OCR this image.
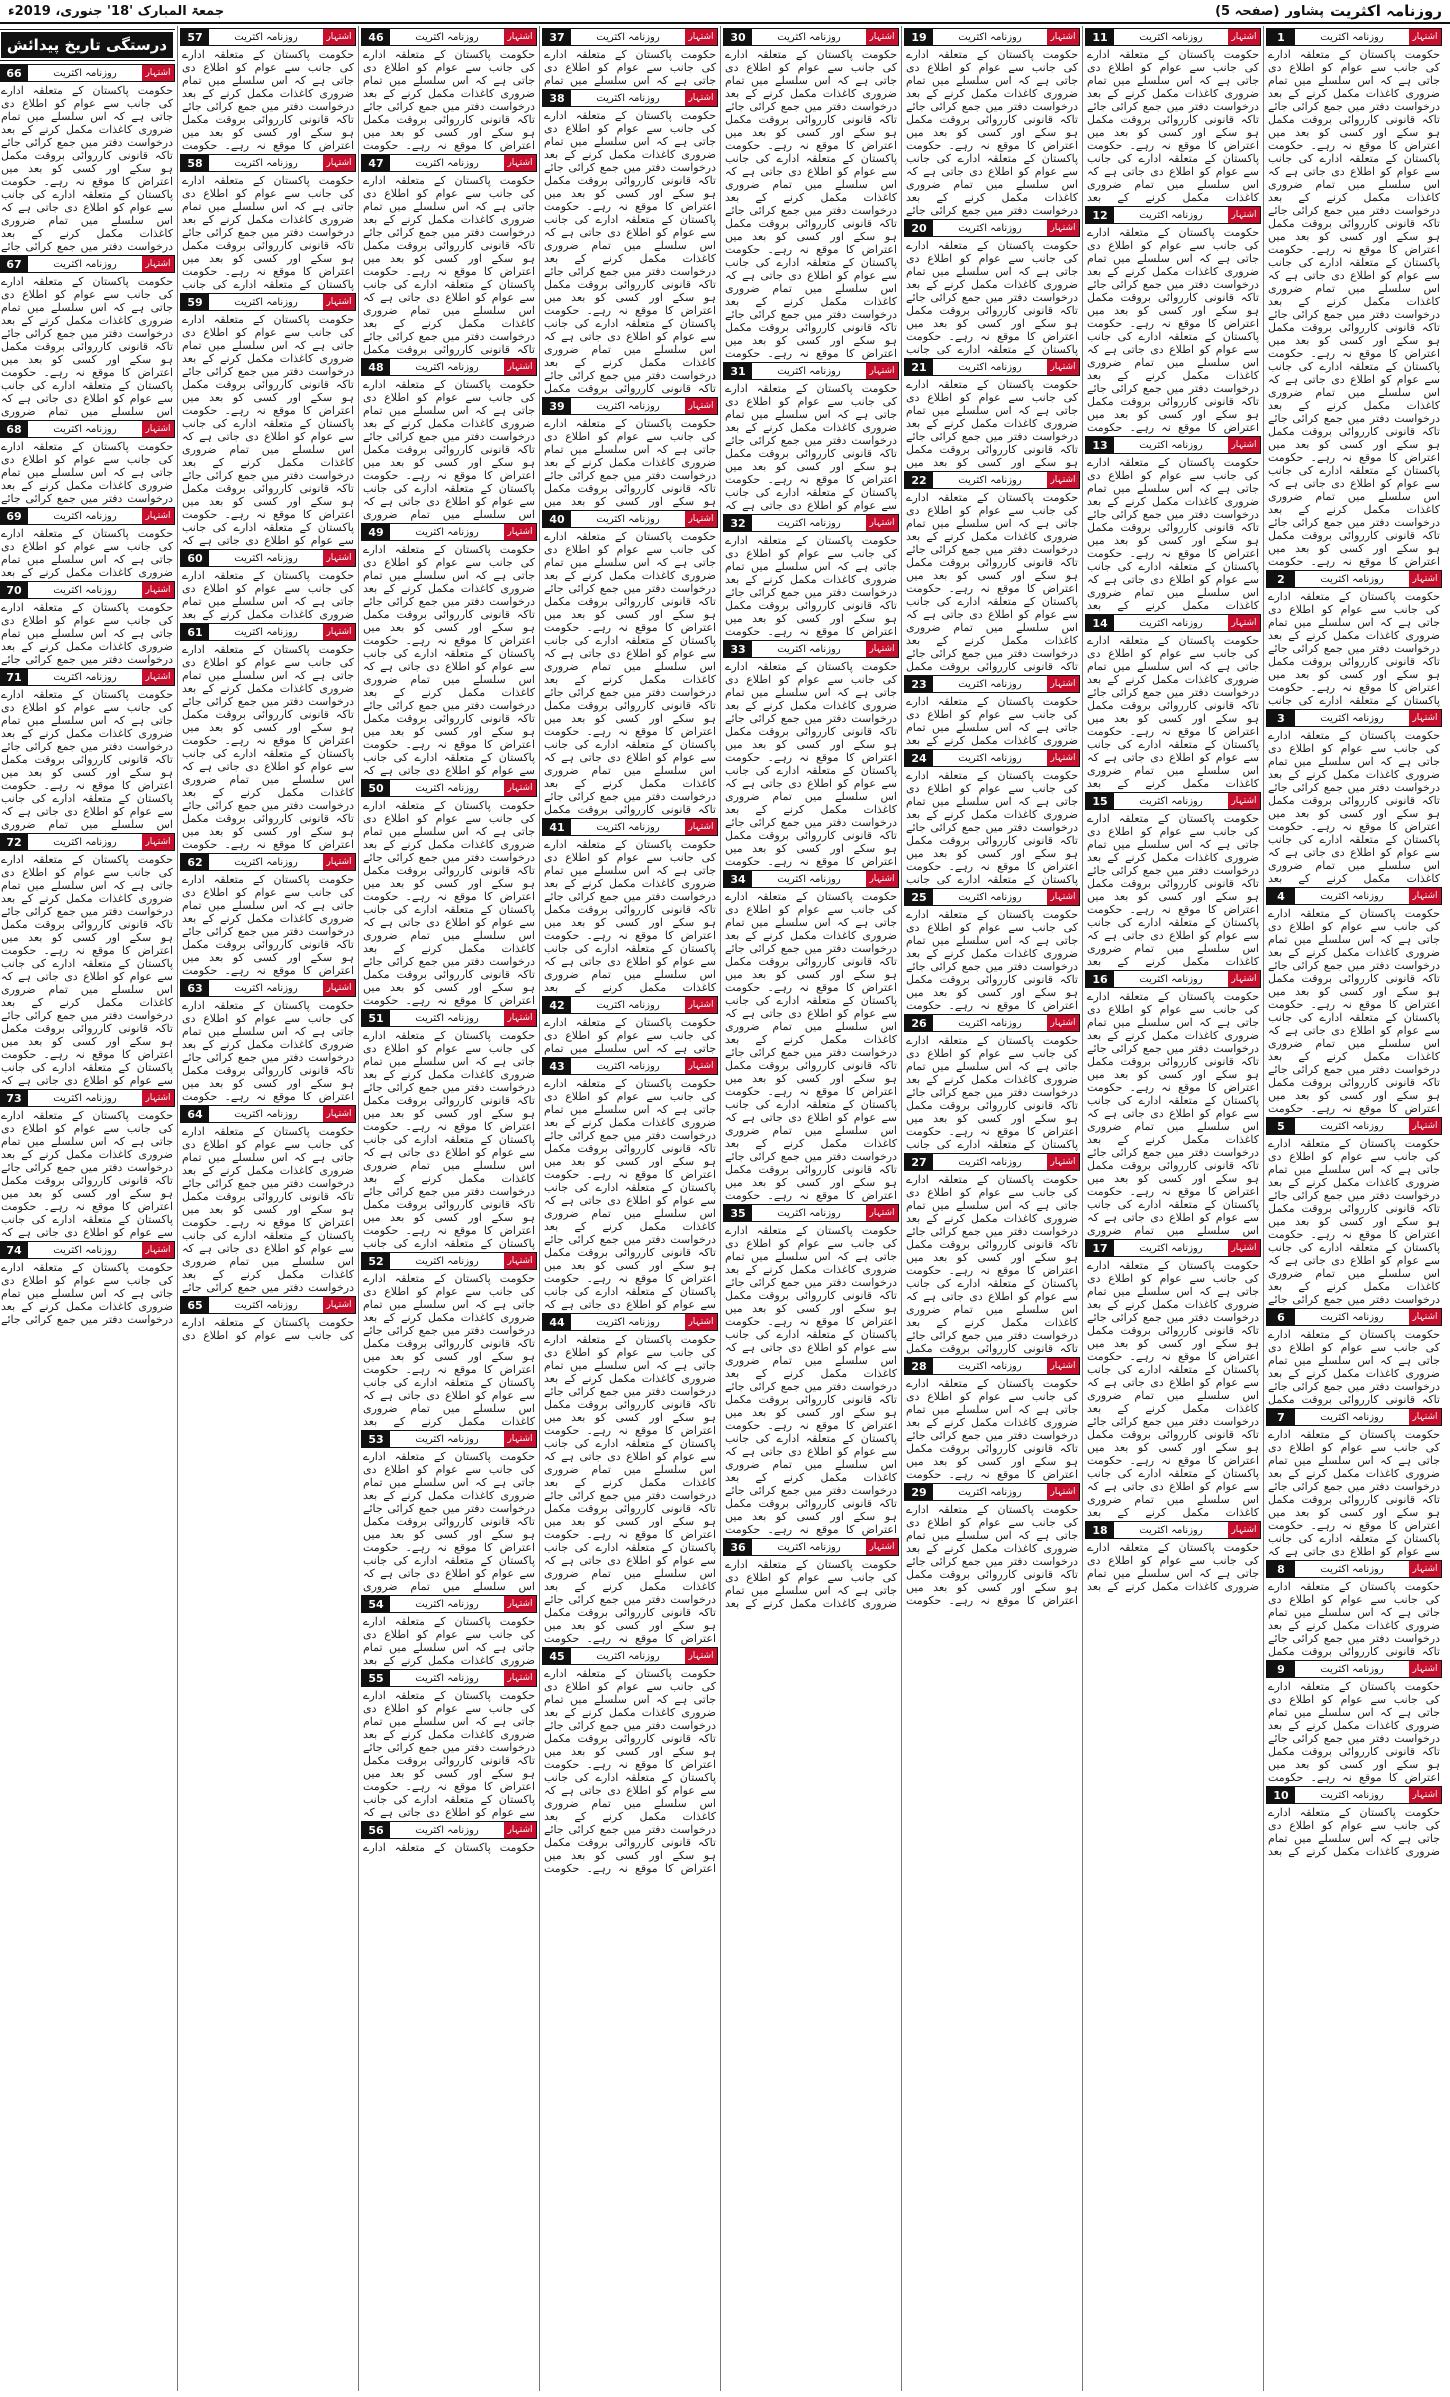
جمعۃ المبارک '18' جنوری، 2019ء	روزنامہ اکثریت
پشاور
(صفحہ 5)
1	روزنامہ اکثریت	اشتہار
حکومت پاکستان کے متعلقہ ادارے کی جانب سے عوام کو اطلاع دی جاتی ہے کہ اس سلسلے میں تمام ضروری کاغذات مکمل کرنے کے بعد درخواست دفتر میں جمع کرائی جائے تاکہ قانونی کارروائی بروقت مکمل ہو سکے اور کسی کو بعد میں اعتراض کا موقع نہ رہے۔ حکومت پاکستان کے متعلقہ ادارے کی جانب سے عوام کو اطلاع دی جاتی ہے کہ اس سلسلے میں تمام ضروری کاغذات مکمل کرنے کے بعد درخواست دفتر میں جمع کرائی جائے تاکہ قانونی کارروائی بروقت مکمل ہو سکے اور کسی کو بعد میں اعتراض کا موقع نہ رہے۔ حکومت پاکستان کے متعلقہ ادارے کی جانب سے عوام کو اطلاع دی جاتی ہے کہ اس سلسلے میں تمام ضروری کاغذات مکمل کرنے کے بعد درخواست دفتر میں جمع کرائی جائے تاکہ قانونی کارروائی بروقت مکمل ہو سکے اور کسی کو بعد میں اعتراض کا موقع نہ رہے۔ حکومت پاکستان کے متعلقہ ادارے کی جانب سے عوام کو اطلاع دی جاتی ہے کہ اس سلسلے میں تمام ضروری کاغذات مکمل کرنے کے بعد درخواست دفتر میں جمع کرائی جائے تاکہ قانونی کارروائی بروقت مکمل ہو سکے اور کسی کو بعد میں اعتراض کا موقع نہ رہے۔ حکومت پاکستان کے متعلقہ ادارے کی جانب سے عوام کو اطلاع دی جاتی ہے کہ اس سلسلے میں تمام ضروری کاغذات مکمل کرنے کے بعد درخواست دفتر میں جمع کرائی جائے تاکہ قانونی کارروائی بروقت مکمل ہو سکے اور کسی کو بعد میں اعتراض کا موقع نہ رہے۔ حکومت
2	روزنامہ اکثریت	اشتہار
حکومت پاکستان کے متعلقہ ادارے کی جانب سے عوام کو اطلاع دی جاتی ہے کہ اس سلسلے میں تمام ضروری کاغذات مکمل کرنے کے بعد درخواست دفتر میں جمع کرائی جائے تاکہ قانونی کارروائی بروقت مکمل ہو سکے اور کسی کو بعد میں اعتراض کا موقع نہ رہے۔ حکومت پاکستان کے متعلقہ ادارے کی جانب
3	روزنامہ اکثریت	اشتہار
حکومت پاکستان کے متعلقہ ادارے کی جانب سے عوام کو اطلاع دی جاتی ہے کہ اس سلسلے میں تمام ضروری کاغذات مکمل کرنے کے بعد درخواست دفتر میں جمع کرائی جائے تاکہ قانونی کارروائی بروقت مکمل ہو سکے اور کسی کو بعد میں اعتراض کا موقع نہ رہے۔ حکومت پاکستان کے متعلقہ ادارے کی جانب سے عوام کو اطلاع دی جاتی ہے کہ اس سلسلے میں تمام ضروری کاغذات مکمل کرنے کے بعد
4	روزنامہ اکثریت	اشتہار
حکومت پاکستان کے متعلقہ ادارے کی جانب سے عوام کو اطلاع دی جاتی ہے کہ اس سلسلے میں تمام ضروری کاغذات مکمل کرنے کے بعد درخواست دفتر میں جمع کرائی جائے تاکہ قانونی کارروائی بروقت مکمل ہو سکے اور کسی کو بعد میں اعتراض کا موقع نہ رہے۔ حکومت پاکستان کے متعلقہ ادارے کی جانب سے عوام کو اطلاع دی جاتی ہے کہ اس سلسلے میں تمام ضروری کاغذات مکمل کرنے کے بعد درخواست دفتر میں جمع کرائی جائے تاکہ قانونی کارروائی بروقت مکمل ہو سکے اور کسی کو بعد میں اعتراض کا موقع نہ رہے۔ حکومت
5	روزنامہ اکثریت	اشتہار
حکومت پاکستان کے متعلقہ ادارے کی جانب سے عوام کو اطلاع دی جاتی ہے کہ اس سلسلے میں تمام ضروری کاغذات مکمل کرنے کے بعد درخواست دفتر میں جمع کرائی جائے تاکہ قانونی کارروائی بروقت مکمل ہو سکے اور کسی کو بعد میں اعتراض کا موقع نہ رہے۔ حکومت پاکستان کے متعلقہ ادارے کی جانب سے عوام کو اطلاع دی جاتی ہے کہ اس سلسلے میں تمام ضروری کاغذات مکمل کرنے کے بعد درخواست دفتر میں جمع کرائی جائے
6	روزنامہ اکثریت	اشتہار
حکومت پاکستان کے متعلقہ ادارے کی جانب سے عوام کو اطلاع دی جاتی ہے کہ اس سلسلے میں تمام ضروری کاغذات مکمل کرنے کے بعد درخواست دفتر میں جمع کرائی جائے تاکہ قانونی کارروائی بروقت مکمل
7	روزنامہ اکثریت	اشتہار
حکومت پاکستان کے متعلقہ ادارے کی جانب سے عوام کو اطلاع دی جاتی ہے کہ اس سلسلے میں تمام ضروری کاغذات مکمل کرنے کے بعد درخواست دفتر میں جمع کرائی جائے تاکہ قانونی کارروائی بروقت مکمل ہو سکے اور کسی کو بعد میں اعتراض کا موقع نہ رہے۔ حکومت پاکستان کے متعلقہ ادارے کی جانب سے عوام کو اطلاع دی جاتی ہے کہ
8	روزنامہ اکثریت	اشتہار
حکومت پاکستان کے متعلقہ ادارے کی جانب سے عوام کو اطلاع دی جاتی ہے کہ اس سلسلے میں تمام ضروری کاغذات مکمل کرنے کے بعد درخواست دفتر میں جمع کرائی جائے تاکہ قانونی کارروائی بروقت مکمل
9	روزنامہ اکثریت	اشتہار
حکومت پاکستان کے متعلقہ ادارے کی جانب سے عوام کو اطلاع دی جاتی ہے کہ اس سلسلے میں تمام ضروری کاغذات مکمل کرنے کے بعد درخواست دفتر میں جمع کرائی جائے تاکہ قانونی کارروائی بروقت مکمل ہو سکے اور کسی کو بعد میں اعتراض کا موقع نہ رہے۔ حکومت
10	روزنامہ اکثریت	اشتہار
حکومت پاکستان کے متعلقہ ادارے کی جانب سے عوام کو اطلاع دی جاتی ہے کہ اس سلسلے میں تمام ضروری کاغذات مکمل کرنے کے بعد
11	روزنامہ اکثریت	اشتہار
حکومت پاکستان کے متعلقہ ادارے کی جانب سے عوام کو اطلاع دی جاتی ہے کہ اس سلسلے میں تمام ضروری کاغذات مکمل کرنے کے بعد درخواست دفتر میں جمع کرائی جائے تاکہ قانونی کارروائی بروقت مکمل ہو سکے اور کسی کو بعد میں اعتراض کا موقع نہ رہے۔ حکومت پاکستان کے متعلقہ ادارے کی جانب سے عوام کو اطلاع دی جاتی ہے کہ اس سلسلے میں تمام ضروری کاغذات مکمل کرنے کے بعد
12	روزنامہ اکثریت	اشتہار
حکومت پاکستان کے متعلقہ ادارے کی جانب سے عوام کو اطلاع دی جاتی ہے کہ اس سلسلے میں تمام ضروری کاغذات مکمل کرنے کے بعد درخواست دفتر میں جمع کرائی جائے تاکہ قانونی کارروائی بروقت مکمل ہو سکے اور کسی کو بعد میں اعتراض کا موقع نہ رہے۔ حکومت پاکستان کے متعلقہ ادارے کی جانب سے عوام کو اطلاع دی جاتی ہے کہ اس سلسلے میں تمام ضروری کاغذات مکمل کرنے کے بعد درخواست دفتر میں جمع کرائی جائے تاکہ قانونی کارروائی بروقت مکمل ہو سکے اور کسی کو بعد میں اعتراض کا موقع نہ رہے۔ حکومت
13	روزنامہ اکثریت	اشتہار
حکومت پاکستان کے متعلقہ ادارے کی جانب سے عوام کو اطلاع دی جاتی ہے کہ اس سلسلے میں تمام ضروری کاغذات مکمل کرنے کے بعد درخواست دفتر میں جمع کرائی جائے تاکہ قانونی کارروائی بروقت مکمل ہو سکے اور کسی کو بعد میں اعتراض کا موقع نہ رہے۔ حکومت پاکستان کے متعلقہ ادارے کی جانب سے عوام کو اطلاع دی جاتی ہے کہ اس سلسلے میں تمام ضروری کاغذات مکمل کرنے کے بعد
14	روزنامہ اکثریت	اشتہار
حکومت پاکستان کے متعلقہ ادارے کی جانب سے عوام کو اطلاع دی جاتی ہے کہ اس سلسلے میں تمام ضروری کاغذات مکمل کرنے کے بعد درخواست دفتر میں جمع کرائی جائے تاکہ قانونی کارروائی بروقت مکمل ہو سکے اور کسی کو بعد میں اعتراض کا موقع نہ رہے۔ حکومت پاکستان کے متعلقہ ادارے کی جانب سے عوام کو اطلاع دی جاتی ہے کہ اس سلسلے میں تمام ضروری کاغذات مکمل کرنے کے بعد
15	روزنامہ اکثریت	اشتہار
حکومت پاکستان کے متعلقہ ادارے کی جانب سے عوام کو اطلاع دی جاتی ہے کہ اس سلسلے میں تمام ضروری کاغذات مکمل کرنے کے بعد درخواست دفتر میں جمع کرائی جائے تاکہ قانونی کارروائی بروقت مکمل ہو سکے اور کسی کو بعد میں اعتراض کا موقع نہ رہے۔ حکومت پاکستان کے متعلقہ ادارے کی جانب سے عوام کو اطلاع دی جاتی ہے کہ اس سلسلے میں تمام ضروری کاغذات مکمل کرنے کے بعد
16	روزنامہ اکثریت	اشتہار
حکومت پاکستان کے متعلقہ ادارے کی جانب سے عوام کو اطلاع دی جاتی ہے کہ اس سلسلے میں تمام ضروری کاغذات مکمل کرنے کے بعد درخواست دفتر میں جمع کرائی جائے تاکہ قانونی کارروائی بروقت مکمل ہو سکے اور کسی کو بعد میں اعتراض کا موقع نہ رہے۔ حکومت پاکستان کے متعلقہ ادارے کی جانب سے عوام کو اطلاع دی جاتی ہے کہ اس سلسلے میں تمام ضروری کاغذات مکمل کرنے کے بعد درخواست دفتر میں جمع کرائی جائے تاکہ قانونی کارروائی بروقت مکمل ہو سکے اور کسی کو بعد میں اعتراض کا موقع نہ رہے۔ حکومت پاکستان کے متعلقہ ادارے کی جانب سے عوام کو اطلاع دی جاتی ہے کہ اس سلسلے میں تمام ضروری
17	روزنامہ اکثریت	اشتہار
حکومت پاکستان کے متعلقہ ادارے کی جانب سے عوام کو اطلاع دی جاتی ہے کہ اس سلسلے میں تمام ضروری کاغذات مکمل کرنے کے بعد درخواست دفتر میں جمع کرائی جائے تاکہ قانونی کارروائی بروقت مکمل ہو سکے اور کسی کو بعد میں اعتراض کا موقع نہ رہے۔ حکومت پاکستان کے متعلقہ ادارے کی جانب سے عوام کو اطلاع دی جاتی ہے کہ اس سلسلے میں تمام ضروری کاغذات مکمل کرنے کے بعد درخواست دفتر میں جمع کرائی جائے تاکہ قانونی کارروائی بروقت مکمل ہو سکے اور کسی کو بعد میں اعتراض کا موقع نہ رہے۔ حکومت پاکستان کے متعلقہ ادارے کی جانب سے عوام کو اطلاع دی جاتی ہے کہ اس سلسلے میں تمام ضروری کاغذات مکمل کرنے کے بعد
18	روزنامہ اکثریت	اشتہار
حکومت پاکستان کے متعلقہ ادارے کی جانب سے عوام کو اطلاع دی جاتی ہے کہ اس سلسلے میں تمام ضروری کاغذات مکمل کرنے کے بعد
19	روزنامہ اکثریت	اشتہار
حکومت پاکستان کے متعلقہ ادارے کی جانب سے عوام کو اطلاع دی جاتی ہے کہ اس سلسلے میں تمام ضروری کاغذات مکمل کرنے کے بعد درخواست دفتر میں جمع کرائی جائے تاکہ قانونی کارروائی بروقت مکمل ہو سکے اور کسی کو بعد میں اعتراض کا موقع نہ رہے۔ حکومت پاکستان کے متعلقہ ادارے کی جانب سے عوام کو اطلاع دی جاتی ہے کہ اس سلسلے میں تمام ضروری کاغذات مکمل کرنے کے بعد درخواست دفتر میں جمع کرائی جائے
20	روزنامہ اکثریت	اشتہار
حکومت پاکستان کے متعلقہ ادارے کی جانب سے عوام کو اطلاع دی جاتی ہے کہ اس سلسلے میں تمام ضروری کاغذات مکمل کرنے کے بعد درخواست دفتر میں جمع کرائی جائے تاکہ قانونی کارروائی بروقت مکمل ہو سکے اور کسی کو بعد میں اعتراض کا موقع نہ رہے۔ حکومت پاکستان کے متعلقہ ادارے کی جانب
21	روزنامہ اکثریت	اشتہار
حکومت پاکستان کے متعلقہ ادارے کی جانب سے عوام کو اطلاع دی جاتی ہے کہ اس سلسلے میں تمام ضروری کاغذات مکمل کرنے کے بعد درخواست دفتر میں جمع کرائی جائے تاکہ قانونی کارروائی بروقت مکمل ہو سکے اور کسی کو بعد میں
22	روزنامہ اکثریت	اشتہار
حکومت پاکستان کے متعلقہ ادارے کی جانب سے عوام کو اطلاع دی جاتی ہے کہ اس سلسلے میں تمام ضروری کاغذات مکمل کرنے کے بعد درخواست دفتر میں جمع کرائی جائے تاکہ قانونی کارروائی بروقت مکمل ہو سکے اور کسی کو بعد میں اعتراض کا موقع نہ رہے۔ حکومت پاکستان کے متعلقہ ادارے کی جانب سے عوام کو اطلاع دی جاتی ہے کہ اس سلسلے میں تمام ضروری کاغذات مکمل کرنے کے بعد درخواست دفتر میں جمع کرائی جائے تاکہ قانونی کارروائی بروقت مکمل
23	روزنامہ اکثریت	اشتہار
حکومت پاکستان کے متعلقہ ادارے کی جانب سے عوام کو اطلاع دی جاتی ہے کہ اس سلسلے میں تمام ضروری کاغذات مکمل کرنے کے بعد
24	روزنامہ اکثریت	اشتہار
حکومت پاکستان کے متعلقہ ادارے کی جانب سے عوام کو اطلاع دی جاتی ہے کہ اس سلسلے میں تمام ضروری کاغذات مکمل کرنے کے بعد درخواست دفتر میں جمع کرائی جائے تاکہ قانونی کارروائی بروقت مکمل ہو سکے اور کسی کو بعد میں اعتراض کا موقع نہ رہے۔ حکومت پاکستان کے متعلقہ ادارے کی جانب
25	روزنامہ اکثریت	اشتہار
حکومت پاکستان کے متعلقہ ادارے کی جانب سے عوام کو اطلاع دی جاتی ہے کہ اس سلسلے میں تمام ضروری کاغذات مکمل کرنے کے بعد درخواست دفتر میں جمع کرائی جائے تاکہ قانونی کارروائی بروقت مکمل ہو سکے اور کسی کو بعد میں اعتراض کا موقع نہ رہے۔ حکومت
26	روزنامہ اکثریت	اشتہار
حکومت پاکستان کے متعلقہ ادارے کی جانب سے عوام کو اطلاع دی جاتی ہے کہ اس سلسلے میں تمام ضروری کاغذات مکمل کرنے کے بعد درخواست دفتر میں جمع کرائی جائے تاکہ قانونی کارروائی بروقت مکمل ہو سکے اور کسی کو بعد میں اعتراض کا موقع نہ رہے۔ حکومت پاکستان کے متعلقہ ادارے کی جانب
27	روزنامہ اکثریت	اشتہار
حکومت پاکستان کے متعلقہ ادارے کی جانب سے عوام کو اطلاع دی جاتی ہے کہ اس سلسلے میں تمام ضروری کاغذات مکمل کرنے کے بعد درخواست دفتر میں جمع کرائی جائے تاکہ قانونی کارروائی بروقت مکمل ہو سکے اور کسی کو بعد میں اعتراض کا موقع نہ رہے۔ حکومت پاکستان کے متعلقہ ادارے کی جانب سے عوام کو اطلاع دی جاتی ہے کہ اس سلسلے میں تمام ضروری کاغذات مکمل کرنے کے بعد درخواست دفتر میں جمع کرائی جائے تاکہ قانونی کارروائی بروقت مکمل
28	روزنامہ اکثریت	اشتہار
حکومت پاکستان کے متعلقہ ادارے کی جانب سے عوام کو اطلاع دی جاتی ہے کہ اس سلسلے میں تمام ضروری کاغذات مکمل کرنے کے بعد درخواست دفتر میں جمع کرائی جائے تاکہ قانونی کارروائی بروقت مکمل ہو سکے اور کسی کو بعد میں اعتراض کا موقع نہ رہے۔ حکومت
29	روزنامہ اکثریت	اشتہار
حکومت پاکستان کے متعلقہ ادارے کی جانب سے عوام کو اطلاع دی جاتی ہے کہ اس سلسلے میں تمام ضروری کاغذات مکمل کرنے کے بعد درخواست دفتر میں جمع کرائی جائے تاکہ قانونی کارروائی بروقت مکمل ہو سکے اور کسی کو بعد میں اعتراض کا موقع نہ رہے۔ حکومت
30	روزنامہ اکثریت	اشتہار
حکومت پاکستان کے متعلقہ ادارے کی جانب سے عوام کو اطلاع دی جاتی ہے کہ اس سلسلے میں تمام ضروری کاغذات مکمل کرنے کے بعد درخواست دفتر میں جمع کرائی جائے تاکہ قانونی کارروائی بروقت مکمل ہو سکے اور کسی کو بعد میں اعتراض کا موقع نہ رہے۔ حکومت پاکستان کے متعلقہ ادارے کی جانب سے عوام کو اطلاع دی جاتی ہے کہ اس سلسلے میں تمام ضروری کاغذات مکمل کرنے کے بعد درخواست دفتر میں جمع کرائی جائے تاکہ قانونی کارروائی بروقت مکمل ہو سکے اور کسی کو بعد میں اعتراض کا موقع نہ رہے۔ حکومت پاکستان کے متعلقہ ادارے کی جانب سے عوام کو اطلاع دی جاتی ہے کہ اس سلسلے میں تمام ضروری کاغذات مکمل کرنے کے بعد درخواست دفتر میں جمع کرائی جائے تاکہ قانونی کارروائی بروقت مکمل ہو سکے اور کسی کو بعد میں اعتراض کا موقع نہ رہے۔ حکومت
31	روزنامہ اکثریت	اشتہار
حکومت پاکستان کے متعلقہ ادارے کی جانب سے عوام کو اطلاع دی جاتی ہے کہ اس سلسلے میں تمام ضروری کاغذات مکمل کرنے کے بعد درخواست دفتر میں جمع کرائی جائے تاکہ قانونی کارروائی بروقت مکمل ہو سکے اور کسی کو بعد میں اعتراض کا موقع نہ رہے۔ حکومت پاکستان کے متعلقہ ادارے کی جانب سے عوام کو اطلاع دی جاتی ہے کہ
32	روزنامہ اکثریت	اشتہار
حکومت پاکستان کے متعلقہ ادارے کی جانب سے عوام کو اطلاع دی جاتی ہے کہ اس سلسلے میں تمام ضروری کاغذات مکمل کرنے کے بعد درخواست دفتر میں جمع کرائی جائے تاکہ قانونی کارروائی بروقت مکمل ہو سکے اور کسی کو بعد میں اعتراض کا موقع نہ رہے۔ حکومت
33	روزنامہ اکثریت	اشتہار
حکومت پاکستان کے متعلقہ ادارے کی جانب سے عوام کو اطلاع دی جاتی ہے کہ اس سلسلے میں تمام ضروری کاغذات مکمل کرنے کے بعد درخواست دفتر میں جمع کرائی جائے تاکہ قانونی کارروائی بروقت مکمل ہو سکے اور کسی کو بعد میں اعتراض کا موقع نہ رہے۔ حکومت پاکستان کے متعلقہ ادارے کی جانب سے عوام کو اطلاع دی جاتی ہے کہ اس سلسلے میں تمام ضروری کاغذات مکمل کرنے کے بعد درخواست دفتر میں جمع کرائی جائے تاکہ قانونی کارروائی بروقت مکمل ہو سکے اور کسی کو بعد میں اعتراض کا موقع نہ رہے۔ حکومت
34	روزنامہ اکثریت	اشتہار
حکومت پاکستان کے متعلقہ ادارے کی جانب سے عوام کو اطلاع دی جاتی ہے کہ اس سلسلے میں تمام ضروری کاغذات مکمل کرنے کے بعد درخواست دفتر میں جمع کرائی جائے تاکہ قانونی کارروائی بروقت مکمل ہو سکے اور کسی کو بعد میں اعتراض کا موقع نہ رہے۔ حکومت پاکستان کے متعلقہ ادارے کی جانب سے عوام کو اطلاع دی جاتی ہے کہ اس سلسلے میں تمام ضروری کاغذات مکمل کرنے کے بعد درخواست دفتر میں جمع کرائی جائے تاکہ قانونی کارروائی بروقت مکمل ہو سکے اور کسی کو بعد میں اعتراض کا موقع نہ رہے۔ حکومت پاکستان کے متعلقہ ادارے کی جانب سے عوام کو اطلاع دی جاتی ہے کہ اس سلسلے میں تمام ضروری کاغذات مکمل کرنے کے بعد درخواست دفتر میں جمع کرائی جائے تاکہ قانونی کارروائی بروقت مکمل ہو سکے اور کسی کو بعد میں اعتراض کا موقع نہ رہے۔ حکومت
35	روزنامہ اکثریت	اشتہار
حکومت پاکستان کے متعلقہ ادارے کی جانب سے عوام کو اطلاع دی جاتی ہے کہ اس سلسلے میں تمام ضروری کاغذات مکمل کرنے کے بعد درخواست دفتر میں جمع کرائی جائے تاکہ قانونی کارروائی بروقت مکمل ہو سکے اور کسی کو بعد میں اعتراض کا موقع نہ رہے۔ حکومت پاکستان کے متعلقہ ادارے کی جانب سے عوام کو اطلاع دی جاتی ہے کہ اس سلسلے میں تمام ضروری کاغذات مکمل کرنے کے بعد درخواست دفتر میں جمع کرائی جائے تاکہ قانونی کارروائی بروقت مکمل ہو سکے اور کسی کو بعد میں اعتراض کا موقع نہ رہے۔ حکومت پاکستان کے متعلقہ ادارے کی جانب سے عوام کو اطلاع دی جاتی ہے کہ اس سلسلے میں تمام ضروری کاغذات مکمل کرنے کے بعد درخواست دفتر میں جمع کرائی جائے تاکہ قانونی کارروائی بروقت مکمل ہو سکے اور کسی کو بعد میں اعتراض کا موقع نہ رہے۔ حکومت
36	روزنامہ اکثریت	اشتہار
حکومت پاکستان کے متعلقہ ادارے کی جانب سے عوام کو اطلاع دی جاتی ہے کہ اس سلسلے میں تمام ضروری کاغذات مکمل کرنے کے بعد
37	روزنامہ اکثریت	اشتہار
حکومت پاکستان کے متعلقہ ادارے کی جانب سے عوام کو اطلاع دی جاتی ہے کہ اس سلسلے میں تمام
38	روزنامہ اکثریت	اشتہار
حکومت پاکستان کے متعلقہ ادارے کی جانب سے عوام کو اطلاع دی جاتی ہے کہ اس سلسلے میں تمام ضروری کاغذات مکمل کرنے کے بعد درخواست دفتر میں جمع کرائی جائے تاکہ قانونی کارروائی بروقت مکمل ہو سکے اور کسی کو بعد میں اعتراض کا موقع نہ رہے۔ حکومت پاکستان کے متعلقہ ادارے کی جانب سے عوام کو اطلاع دی جاتی ہے کہ اس سلسلے میں تمام ضروری کاغذات مکمل کرنے کے بعد درخواست دفتر میں جمع کرائی جائے تاکہ قانونی کارروائی بروقت مکمل ہو سکے اور کسی کو بعد میں اعتراض کا موقع نہ رہے۔ حکومت پاکستان کے متعلقہ ادارے کی جانب سے عوام کو اطلاع دی جاتی ہے کہ اس سلسلے میں تمام ضروری کاغذات مکمل کرنے کے بعد درخواست دفتر میں جمع کرائی جائے تاکہ قانونی کارروائی بروقت مکمل
39	روزنامہ اکثریت	اشتہار
حکومت پاکستان کے متعلقہ ادارے کی جانب سے عوام کو اطلاع دی جاتی ہے کہ اس سلسلے میں تمام ضروری کاغذات مکمل کرنے کے بعد درخواست دفتر میں جمع کرائی جائے تاکہ قانونی کارروائی بروقت مکمل ہو سکے اور کسی کو بعد میں
40	روزنامہ اکثریت	اشتہار
حکومت پاکستان کے متعلقہ ادارے کی جانب سے عوام کو اطلاع دی جاتی ہے کہ اس سلسلے میں تمام ضروری کاغذات مکمل کرنے کے بعد درخواست دفتر میں جمع کرائی جائے تاکہ قانونی کارروائی بروقت مکمل ہو سکے اور کسی کو بعد میں اعتراض کا موقع نہ رہے۔ حکومت پاکستان کے متعلقہ ادارے کی جانب سے عوام کو اطلاع دی جاتی ہے کہ اس سلسلے میں تمام ضروری کاغذات مکمل کرنے کے بعد درخواست دفتر میں جمع کرائی جائے تاکہ قانونی کارروائی بروقت مکمل ہو سکے اور کسی کو بعد میں اعتراض کا موقع نہ رہے۔ حکومت پاکستان کے متعلقہ ادارے کی جانب سے عوام کو اطلاع دی جاتی ہے کہ اس سلسلے میں تمام ضروری کاغذات مکمل کرنے کے بعد درخواست دفتر میں جمع کرائی جائے تاکہ قانونی کارروائی بروقت مکمل
41	روزنامہ اکثریت	اشتہار
حکومت پاکستان کے متعلقہ ادارے کی جانب سے عوام کو اطلاع دی جاتی ہے کہ اس سلسلے میں تمام ضروری کاغذات مکمل کرنے کے بعد درخواست دفتر میں جمع کرائی جائے تاکہ قانونی کارروائی بروقت مکمل ہو سکے اور کسی کو بعد میں اعتراض کا موقع نہ رہے۔ حکومت پاکستان کے متعلقہ ادارے کی جانب سے عوام کو اطلاع دی جاتی ہے کہ اس سلسلے میں تمام ضروری کاغذات مکمل کرنے کے بعد
42	روزنامہ اکثریت	اشتہار
حکومت پاکستان کے متعلقہ ادارے کی جانب سے عوام کو اطلاع دی جاتی ہے کہ اس سلسلے میں تمام
43	روزنامہ اکثریت	اشتہار
حکومت پاکستان کے متعلقہ ادارے کی جانب سے عوام کو اطلاع دی جاتی ہے کہ اس سلسلے میں تمام ضروری کاغذات مکمل کرنے کے بعد درخواست دفتر میں جمع کرائی جائے تاکہ قانونی کارروائی بروقت مکمل ہو سکے اور کسی کو بعد میں اعتراض کا موقع نہ رہے۔ حکومت پاکستان کے متعلقہ ادارے کی جانب سے عوام کو اطلاع دی جاتی ہے کہ اس سلسلے میں تمام ضروری کاغذات مکمل کرنے کے بعد درخواست دفتر میں جمع کرائی جائے تاکہ قانونی کارروائی بروقت مکمل ہو سکے اور کسی کو بعد میں اعتراض کا موقع نہ رہے۔ حکومت پاکستان کے متعلقہ ادارے کی جانب سے عوام کو اطلاع دی جاتی ہے کہ
44	روزنامہ اکثریت	اشتہار
حکومت پاکستان کے متعلقہ ادارے کی جانب سے عوام کو اطلاع دی جاتی ہے کہ اس سلسلے میں تمام ضروری کاغذات مکمل کرنے کے بعد درخواست دفتر میں جمع کرائی جائے تاکہ قانونی کارروائی بروقت مکمل ہو سکے اور کسی کو بعد میں اعتراض کا موقع نہ رہے۔ حکومت پاکستان کے متعلقہ ادارے کی جانب سے عوام کو اطلاع دی جاتی ہے کہ اس سلسلے میں تمام ضروری کاغذات مکمل کرنے کے بعد درخواست دفتر میں جمع کرائی جائے تاکہ قانونی کارروائی بروقت مکمل ہو سکے اور کسی کو بعد میں اعتراض کا موقع نہ رہے۔ حکومت پاکستان کے متعلقہ ادارے کی جانب سے عوام کو اطلاع دی جاتی ہے کہ اس سلسلے میں تمام ضروری کاغذات مکمل کرنے کے بعد درخواست دفتر میں جمع کرائی جائے تاکہ قانونی کارروائی بروقت مکمل ہو سکے اور کسی کو بعد میں اعتراض کا موقع نہ رہے۔ حکومت
45	روزنامہ اکثریت	اشتہار
حکومت پاکستان کے متعلقہ ادارے کی جانب سے عوام کو اطلاع دی جاتی ہے کہ اس سلسلے میں تمام ضروری کاغذات مکمل کرنے کے بعد درخواست دفتر میں جمع کرائی جائے تاکہ قانونی کارروائی بروقت مکمل ہو سکے اور کسی کو بعد میں اعتراض کا موقع نہ رہے۔ حکومت پاکستان کے متعلقہ ادارے کی جانب سے عوام کو اطلاع دی جاتی ہے کہ اس سلسلے میں تمام ضروری کاغذات مکمل کرنے کے بعد درخواست دفتر میں جمع کرائی جائے تاکہ قانونی کارروائی بروقت مکمل ہو سکے اور کسی کو بعد میں اعتراض کا موقع نہ رہے۔ حکومت
46	روزنامہ اکثریت	اشتہار
حکومت پاکستان کے متعلقہ ادارے کی جانب سے عوام کو اطلاع دی جاتی ہے کہ اس سلسلے میں تمام ضروری کاغذات مکمل کرنے کے بعد درخواست دفتر میں جمع کرائی جائے تاکہ قانونی کارروائی بروقت مکمل ہو سکے اور کسی کو بعد میں اعتراض کا موقع نہ رہے۔ حکومت
47	روزنامہ اکثریت	اشتہار
حکومت پاکستان کے متعلقہ ادارے کی جانب سے عوام کو اطلاع دی جاتی ہے کہ اس سلسلے میں تمام ضروری کاغذات مکمل کرنے کے بعد درخواست دفتر میں جمع کرائی جائے تاکہ قانونی کارروائی بروقت مکمل ہو سکے اور کسی کو بعد میں اعتراض کا موقع نہ رہے۔ حکومت پاکستان کے متعلقہ ادارے کی جانب سے عوام کو اطلاع دی جاتی ہے کہ اس سلسلے میں تمام ضروری کاغذات مکمل کرنے کے بعد درخواست دفتر میں جمع کرائی جائے تاکہ قانونی کارروائی بروقت مکمل
48	روزنامہ اکثریت	اشتہار
حکومت پاکستان کے متعلقہ ادارے کی جانب سے عوام کو اطلاع دی جاتی ہے کہ اس سلسلے میں تمام ضروری کاغذات مکمل کرنے کے بعد درخواست دفتر میں جمع کرائی جائے تاکہ قانونی کارروائی بروقت مکمل ہو سکے اور کسی کو بعد میں اعتراض کا موقع نہ رہے۔ حکومت پاکستان کے متعلقہ ادارے کی جانب سے عوام کو اطلاع دی جاتی ہے کہ اس سلسلے میں تمام ضروری
49	روزنامہ اکثریت	اشتہار
حکومت پاکستان کے متعلقہ ادارے کی جانب سے عوام کو اطلاع دی جاتی ہے کہ اس سلسلے میں تمام ضروری کاغذات مکمل کرنے کے بعد درخواست دفتر میں جمع کرائی جائے تاکہ قانونی کارروائی بروقت مکمل ہو سکے اور کسی کو بعد میں اعتراض کا موقع نہ رہے۔ حکومت پاکستان کے متعلقہ ادارے کی جانب سے عوام کو اطلاع دی جاتی ہے کہ اس سلسلے میں تمام ضروری کاغذات مکمل کرنے کے بعد درخواست دفتر میں جمع کرائی جائے تاکہ قانونی کارروائی بروقت مکمل ہو سکے اور کسی کو بعد میں اعتراض کا موقع نہ رہے۔ حکومت پاکستان کے متعلقہ ادارے کی جانب سے عوام کو اطلاع دی جاتی ہے کہ
50	روزنامہ اکثریت	اشتہار
حکومت پاکستان کے متعلقہ ادارے کی جانب سے عوام کو اطلاع دی جاتی ہے کہ اس سلسلے میں تمام ضروری کاغذات مکمل کرنے کے بعد درخواست دفتر میں جمع کرائی جائے تاکہ قانونی کارروائی بروقت مکمل ہو سکے اور کسی کو بعد میں اعتراض کا موقع نہ رہے۔ حکومت پاکستان کے متعلقہ ادارے کی جانب سے عوام کو اطلاع دی جاتی ہے کہ اس سلسلے میں تمام ضروری کاغذات مکمل کرنے کے بعد درخواست دفتر میں جمع کرائی جائے تاکہ قانونی کارروائی بروقت مکمل ہو سکے اور کسی کو بعد میں اعتراض کا موقع نہ رہے۔ حکومت
51	روزنامہ اکثریت	اشتہار
حکومت پاکستان کے متعلقہ ادارے کی جانب سے عوام کو اطلاع دی جاتی ہے کہ اس سلسلے میں تمام ضروری کاغذات مکمل کرنے کے بعد درخواست دفتر میں جمع کرائی جائے تاکہ قانونی کارروائی بروقت مکمل ہو سکے اور کسی کو بعد میں اعتراض کا موقع نہ رہے۔ حکومت پاکستان کے متعلقہ ادارے کی جانب سے عوام کو اطلاع دی جاتی ہے کہ اس سلسلے میں تمام ضروری کاغذات مکمل کرنے کے بعد درخواست دفتر میں جمع کرائی جائے تاکہ قانونی کارروائی بروقت مکمل ہو سکے اور کسی کو بعد میں اعتراض کا موقع نہ رہے۔ حکومت پاکستان کے متعلقہ ادارے کی جانب
52	روزنامہ اکثریت	اشتہار
حکومت پاکستان کے متعلقہ ادارے کی جانب سے عوام کو اطلاع دی جاتی ہے کہ اس سلسلے میں تمام ضروری کاغذات مکمل کرنے کے بعد درخواست دفتر میں جمع کرائی جائے تاکہ قانونی کارروائی بروقت مکمل ہو سکے اور کسی کو بعد میں اعتراض کا موقع نہ رہے۔ حکومت پاکستان کے متعلقہ ادارے کی جانب سے عوام کو اطلاع دی جاتی ہے کہ اس سلسلے میں تمام ضروری کاغذات مکمل کرنے کے بعد
53	روزنامہ اکثریت	اشتہار
حکومت پاکستان کے متعلقہ ادارے کی جانب سے عوام کو اطلاع دی جاتی ہے کہ اس سلسلے میں تمام ضروری کاغذات مکمل کرنے کے بعد درخواست دفتر میں جمع کرائی جائے تاکہ قانونی کارروائی بروقت مکمل ہو سکے اور کسی کو بعد میں اعتراض کا موقع نہ رہے۔ حکومت پاکستان کے متعلقہ ادارے کی جانب سے عوام کو اطلاع دی جاتی ہے کہ اس سلسلے میں تمام ضروری
54	روزنامہ اکثریت	اشتہار
حکومت پاکستان کے متعلقہ ادارے کی جانب سے عوام کو اطلاع دی جاتی ہے کہ اس سلسلے میں تمام ضروری کاغذات مکمل کرنے کے بعد
55	روزنامہ اکثریت	اشتہار
حکومت پاکستان کے متعلقہ ادارے کی جانب سے عوام کو اطلاع دی جاتی ہے کہ اس سلسلے میں تمام ضروری کاغذات مکمل کرنے کے بعد درخواست دفتر میں جمع کرائی جائے تاکہ قانونی کارروائی بروقت مکمل ہو سکے اور کسی کو بعد میں اعتراض کا موقع نہ رہے۔ حکومت پاکستان کے متعلقہ ادارے کی جانب سے عوام کو اطلاع دی جاتی ہے کہ
56	روزنامہ اکثریت	اشتہار
حکومت پاکستان کے متعلقہ ادارے
57	روزنامہ اکثریت	اشتہار
حکومت پاکستان کے متعلقہ ادارے کی جانب سے عوام کو اطلاع دی جاتی ہے کہ اس سلسلے میں تمام ضروری کاغذات مکمل کرنے کے بعد درخواست دفتر میں جمع کرائی جائے تاکہ قانونی کارروائی بروقت مکمل ہو سکے اور کسی کو بعد میں اعتراض کا موقع نہ رہے۔ حکومت
58	روزنامہ اکثریت	اشتہار
حکومت پاکستان کے متعلقہ ادارے کی جانب سے عوام کو اطلاع دی جاتی ہے کہ اس سلسلے میں تمام ضروری کاغذات مکمل کرنے کے بعد درخواست دفتر میں جمع کرائی جائے تاکہ قانونی کارروائی بروقت مکمل ہو سکے اور کسی کو بعد میں اعتراض کا موقع نہ رہے۔ حکومت پاکستان کے متعلقہ ادارے کی جانب
59	روزنامہ اکثریت	اشتہار
حکومت پاکستان کے متعلقہ ادارے کی جانب سے عوام کو اطلاع دی جاتی ہے کہ اس سلسلے میں تمام ضروری کاغذات مکمل کرنے کے بعد درخواست دفتر میں جمع کرائی جائے تاکہ قانونی کارروائی بروقت مکمل ہو سکے اور کسی کو بعد میں اعتراض کا موقع نہ رہے۔ حکومت پاکستان کے متعلقہ ادارے کی جانب سے عوام کو اطلاع دی جاتی ہے کہ اس سلسلے میں تمام ضروری کاغذات مکمل کرنے کے بعد درخواست دفتر میں جمع کرائی جائے تاکہ قانونی کارروائی بروقت مکمل ہو سکے اور کسی کو بعد میں اعتراض کا موقع نہ رہے۔ حکومت پاکستان کے متعلقہ ادارے کی جانب سے عوام کو اطلاع دی جاتی ہے کہ
60	روزنامہ اکثریت	اشتہار
حکومت پاکستان کے متعلقہ ادارے کی جانب سے عوام کو اطلاع دی جاتی ہے کہ اس سلسلے میں تمام ضروری کاغذات مکمل کرنے کے بعد
61	روزنامہ اکثریت	اشتہار
حکومت پاکستان کے متعلقہ ادارے کی جانب سے عوام کو اطلاع دی جاتی ہے کہ اس سلسلے میں تمام ضروری کاغذات مکمل کرنے کے بعد درخواست دفتر میں جمع کرائی جائے تاکہ قانونی کارروائی بروقت مکمل ہو سکے اور کسی کو بعد میں اعتراض کا موقع نہ رہے۔ حکومت پاکستان کے متعلقہ ادارے کی جانب سے عوام کو اطلاع دی جاتی ہے کہ اس سلسلے میں تمام ضروری کاغذات مکمل کرنے کے بعد درخواست دفتر میں جمع کرائی جائے تاکہ قانونی کارروائی بروقت مکمل ہو سکے اور کسی کو بعد میں اعتراض کا موقع نہ رہے۔ حکومت
62	روزنامہ اکثریت	اشتہار
حکومت پاکستان کے متعلقہ ادارے کی جانب سے عوام کو اطلاع دی جاتی ہے کہ اس سلسلے میں تمام ضروری کاغذات مکمل کرنے کے بعد درخواست دفتر میں جمع کرائی جائے تاکہ قانونی کارروائی بروقت مکمل ہو سکے اور کسی کو بعد میں اعتراض کا موقع نہ رہے۔ حکومت
63	روزنامہ اکثریت	اشتہار
حکومت پاکستان کے متعلقہ ادارے کی جانب سے عوام کو اطلاع دی جاتی ہے کہ اس سلسلے میں تمام ضروری کاغذات مکمل کرنے کے بعد درخواست دفتر میں جمع کرائی جائے تاکہ قانونی کارروائی بروقت مکمل ہو سکے اور کسی کو بعد میں اعتراض کا موقع نہ رہے۔ حکومت
64	روزنامہ اکثریت	اشتہار
حکومت پاکستان کے متعلقہ ادارے کی جانب سے عوام کو اطلاع دی جاتی ہے کہ اس سلسلے میں تمام ضروری کاغذات مکمل کرنے کے بعد درخواست دفتر میں جمع کرائی جائے تاکہ قانونی کارروائی بروقت مکمل ہو سکے اور کسی کو بعد میں اعتراض کا موقع نہ رہے۔ حکومت پاکستان کے متعلقہ ادارے کی جانب سے عوام کو اطلاع دی جاتی ہے کہ اس سلسلے میں تمام ضروری کاغذات مکمل کرنے کے بعد درخواست دفتر میں جمع کرائی جائے
65	روزنامہ اکثریت	اشتہار
حکومت پاکستان کے متعلقہ ادارے کی جانب سے عوام کو اطلاع دی
درستگی تاریخ پیدائش
66	روزنامہ اکثریت	اشتہار
حکومت پاکستان کے متعلقہ ادارے کی جانب سے عوام کو اطلاع دی جاتی ہے کہ اس سلسلے میں تمام ضروری کاغذات مکمل کرنے کے بعد درخواست دفتر میں جمع کرائی جائے تاکہ قانونی کارروائی بروقت مکمل ہو سکے اور کسی کو بعد میں اعتراض کا موقع نہ رہے۔ حکومت پاکستان کے متعلقہ ادارے کی جانب سے عوام کو اطلاع دی جاتی ہے کہ اس سلسلے میں تمام ضروری کاغذات مکمل کرنے کے بعد درخواست دفتر میں جمع کرائی جائے
67	روزنامہ اکثریت	اشتہار
حکومت پاکستان کے متعلقہ ادارے کی جانب سے عوام کو اطلاع دی جاتی ہے کہ اس سلسلے میں تمام ضروری کاغذات مکمل کرنے کے بعد درخواست دفتر میں جمع کرائی جائے تاکہ قانونی کارروائی بروقت مکمل ہو سکے اور کسی کو بعد میں اعتراض کا موقع نہ رہے۔ حکومت پاکستان کے متعلقہ ادارے کی جانب سے عوام کو اطلاع دی جاتی ہے کہ اس سلسلے میں تمام ضروری
68	روزنامہ اکثریت	اشتہار
حکومت پاکستان کے متعلقہ ادارے کی جانب سے عوام کو اطلاع دی جاتی ہے کہ اس سلسلے میں تمام ضروری کاغذات مکمل کرنے کے بعد درخواست دفتر میں جمع کرائی جائے
69	روزنامہ اکثریت	اشتہار
حکومت پاکستان کے متعلقہ ادارے کی جانب سے عوام کو اطلاع دی جاتی ہے کہ اس سلسلے میں تمام ضروری کاغذات مکمل کرنے کے بعد
70	روزنامہ اکثریت	اشتہار
حکومت پاکستان کے متعلقہ ادارے کی جانب سے عوام کو اطلاع دی جاتی ہے کہ اس سلسلے میں تمام ضروری کاغذات مکمل کرنے کے بعد درخواست دفتر میں جمع کرائی جائے
71	روزنامہ اکثریت	اشتہار
حکومت پاکستان کے متعلقہ ادارے کی جانب سے عوام کو اطلاع دی جاتی ہے کہ اس سلسلے میں تمام ضروری کاغذات مکمل کرنے کے بعد درخواست دفتر میں جمع کرائی جائے تاکہ قانونی کارروائی بروقت مکمل ہو سکے اور کسی کو بعد میں اعتراض کا موقع نہ رہے۔ حکومت پاکستان کے متعلقہ ادارے کی جانب سے عوام کو اطلاع دی جاتی ہے کہ اس سلسلے میں تمام ضروری
72	روزنامہ اکثریت	اشتہار
حکومت پاکستان کے متعلقہ ادارے کی جانب سے عوام کو اطلاع دی جاتی ہے کہ اس سلسلے میں تمام ضروری کاغذات مکمل کرنے کے بعد درخواست دفتر میں جمع کرائی جائے تاکہ قانونی کارروائی بروقت مکمل ہو سکے اور کسی کو بعد میں اعتراض کا موقع نہ رہے۔ حکومت پاکستان کے متعلقہ ادارے کی جانب سے عوام کو اطلاع دی جاتی ہے کہ اس سلسلے میں تمام ضروری کاغذات مکمل کرنے کے بعد درخواست دفتر میں جمع کرائی جائے تاکہ قانونی کارروائی بروقت مکمل ہو سکے اور کسی کو بعد میں اعتراض کا موقع نہ رہے۔ حکومت پاکستان کے متعلقہ ادارے کی جانب سے عوام کو اطلاع دی جاتی ہے کہ
73	روزنامہ اکثریت	اشتہار
حکومت پاکستان کے متعلقہ ادارے کی جانب سے عوام کو اطلاع دی جاتی ہے کہ اس سلسلے میں تمام ضروری کاغذات مکمل کرنے کے بعد درخواست دفتر میں جمع کرائی جائے تاکہ قانونی کارروائی بروقت مکمل ہو سکے اور کسی کو بعد میں اعتراض کا موقع نہ رہے۔ حکومت پاکستان کے متعلقہ ادارے کی جانب سے عوام کو اطلاع دی جاتی ہے کہ
74	روزنامہ اکثریت	اشتہار
حکومت پاکستان کے متعلقہ ادارے کی جانب سے عوام کو اطلاع دی جاتی ہے کہ اس سلسلے میں تمام ضروری کاغذات مکمل کرنے کے بعد درخواست دفتر میں جمع کرائی جائے
